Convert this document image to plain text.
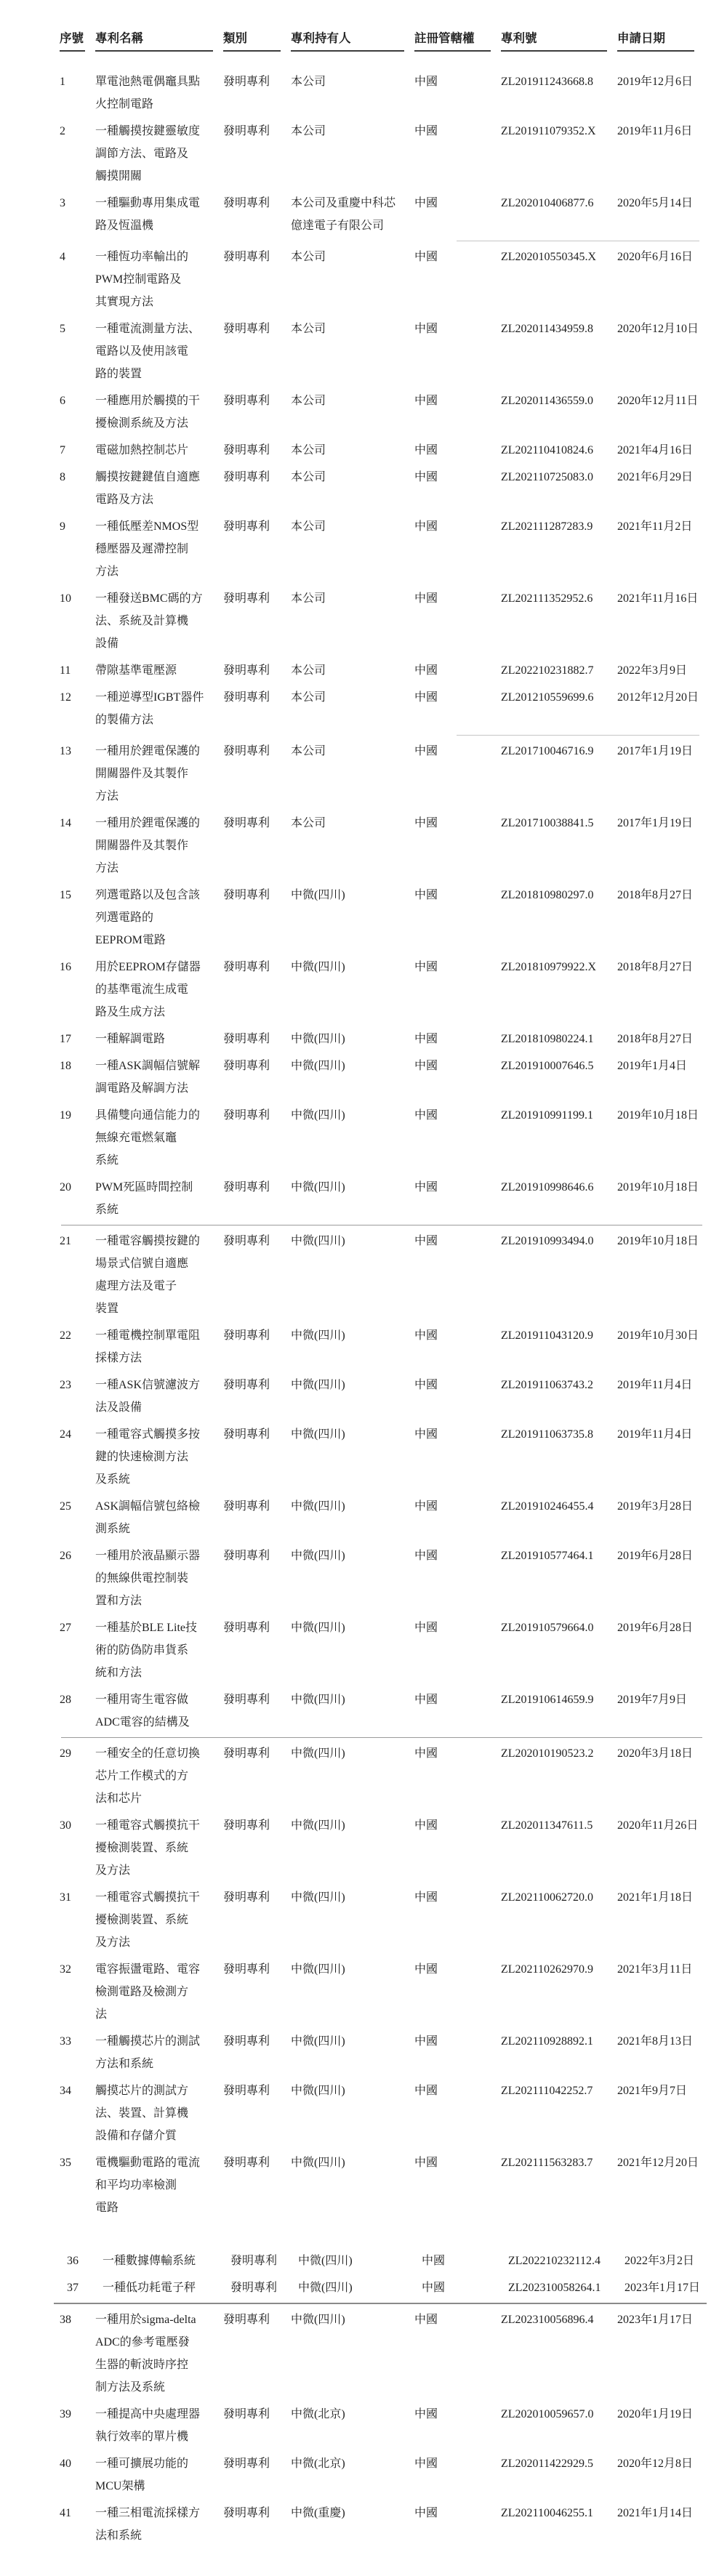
序號 專利名稱	類別	專利持有人	註冊管轄權	專利號	申請日期
1	單電池熱電偶竈具點
火控制電路
發明專利	本公司	中國	ZL201911243668.8	2019年12月6日
2	一種觸摸按鍵靈敏度
調節方法、電路及
觸摸開關
發明專利	本公司	中國	ZL201911079352.X	2019年11月6日
3	一種驅動專用集成電
路及恆溫機
發明專利	本公司及重慶中科芯
億達電子有限公司
中國	ZL202010406877.6	2020年5月14日
4	一種恆功率輸出的
PWM控制電路及
其實現方法
發明專利	本公司	中國	ZL202010550345.X	2020年6月16日
5	一種電流測量方法、
電路以及使用該電
路的裝置
發明專利	本公司	中國	ZL202011434959.8	2020年12月10日
6	一種應用於觸摸的干
擾檢測系統及方法
發明專利	本公司	中國	ZL202011436559.0	2020年12月11日
7	電磁加熱控制芯片	發明專利	本公司	中國	ZL202110410824.6	2021年4月16日
8	觸摸按鍵鍵值自適應
電路及方法
發明專利	本公司	中國	ZL202110725083.0	2021年6月29日
9	一種低壓差NMOS型
穩壓器及遲滯控制
方法
發明專利	本公司	中國	ZL202111287283.9	2021年11月2日
10	一種發送BMC碼的方
法、系統及計算機
設備
發明專利	本公司	中國	ZL202111352952.6	2021年11月16日
11	帶隙基準電壓源	發明專利	本公司	中國	ZL202210231882.7	2022年3月9日
12	一種逆導型IGBT器件
的製備方法
發明專利	本公司	中國	ZL201210559699.6	2012年12月20日
13	一種用於鋰電保護的
開關器件及其製作
方法
發明專利	本公司	中國	ZL201710046716.9	2017年1月19日
14	一種用於鋰電保護的
開關器件及其製作
方法
發明專利	本公司	中國	ZL201710038841.5	2017年1月19日
15	列選電路以及包含該
列選電路的
EEPROM電路
發明專利	中微(四川)	中國	ZL201810980297.0	2018年8月27日
16	用於EEPROM存儲器
的基準電流生成電
路及生成方法
發明專利	中微(四川)	中國	ZL201810979922.X	2018年8月27日
17	一種解調電路	發明專利	中微(四川)	中國	ZL201810980224.1	2018年8月27日
18	一種ASK調幅信號解
調電路及解調方法
發明專利	中微(四川)	中國	ZL201910007646.5	2019年1月4日
19	具備雙向通信能力的
無線充電燃氣竈
系統
發明專利	中微(四川)	中國	ZL201910991199.1	2019年10月18日
20	PWM死區時間控制
系統
發明專利	中微(四川)	中國	ZL201910998646.6	2019年10月18日
21	一種電容觸摸按鍵的
場景式信號自適應
處理方法及電子
裝置
發明專利	中微(四川)	中國	ZL201910993494.0	2019年10月18日
22	一種電機控制單電阻
採樣方法
發明專利	中微(四川)	中國	ZL201911043120.9	2019年10月30日
23	一種ASK信號濾波方
法及設備
發明專利	中微(四川)	中國	ZL201911063743.2	2019年11月4日
24	一種電容式觸摸多按
鍵的快速檢測方法
及系統
發明專利	中微(四川)	中國	ZL201911063735.8	2019年11月4日
25	ASK調幅信號包絡檢
測系統
發明專利	中微(四川)	中國	ZL201910246455.4	2019年3月28日
26	一種用於液晶顯示器
的無線供電控制裝
置和方法
發明專利	中微(四川)	中國	ZL201910577464.1	2019年6月28日
27	一種基於BLE Lite技
術的防偽防串貨系
統和方法
發明專利	中微(四川)	中國	ZL201910579664.0	2019年6月28日
28	一種用寄生電容做
ADC電容的結構及
發明專利	中微(四川)	中國	ZL201910614659.9	2019年7月9日
29	一種安全的任意切換
芯片工作模式的方
法和芯片
發明專利	中微(四川)	中國	ZL202010190523.2	2020年3月18日
30	一種電容式觸摸抗干
擾檢測裝置、系統
及方法
發明專利	中微(四川)	中國	ZL202011347611.5	2020年11月26日
31	一種電容式觸摸抗干
擾檢測裝置、系統
及方法
發明專利	中微(四川)	中國	ZL202110062720.0	2021年1月18日
32	電容振盪電路、電容
檢測電路及檢測方
法
發明專利	中微(四川)	中國	ZL202110262970.9	2021年3月11日
33	一種觸摸芯片的測試
方法和系統
發明專利	中微(四川)	中國	ZL202110928892.1	2021年8月13日
34	觸摸芯片的測試方
法、裝置、計算機
設備和存儲介質
發明專利	中微(四川)	中國	ZL202111042252.7	2021年9月7日
35	電機驅動電路的電流
和平均功率檢測
電路
發明專利	中微(四川)	中國	ZL202111563283.7	2021年12月20日
36	一種數據傳輸系統	發明專利	中微(四川)	中國	ZL202210232112.4	2022年3月2日
37	一種低功耗電子秤	發明專利	中微(四川)	中國	ZL202310058264.1	2023年1月17日
38	一種用於sigma-delta
ADC的參考電壓發
生器的斬波時序控
制方法及系統
發明專利	中微(四川)	中國	ZL202310056896.4	2023年1月17日
39	一種提高中央處理器
執行效率的單片機
發明專利	中微(北京)	中國	ZL202010059657.0	2020年1月19日
40	一種可擴展功能的
MCU架構
發明專利	中微(北京)	中國	ZL202011422929.5	2020年12月8日
41	一種三相電流採樣方
法和系統
發明專利	中微(重慶)	中國	ZL202110046255.1	2021年1月14日
